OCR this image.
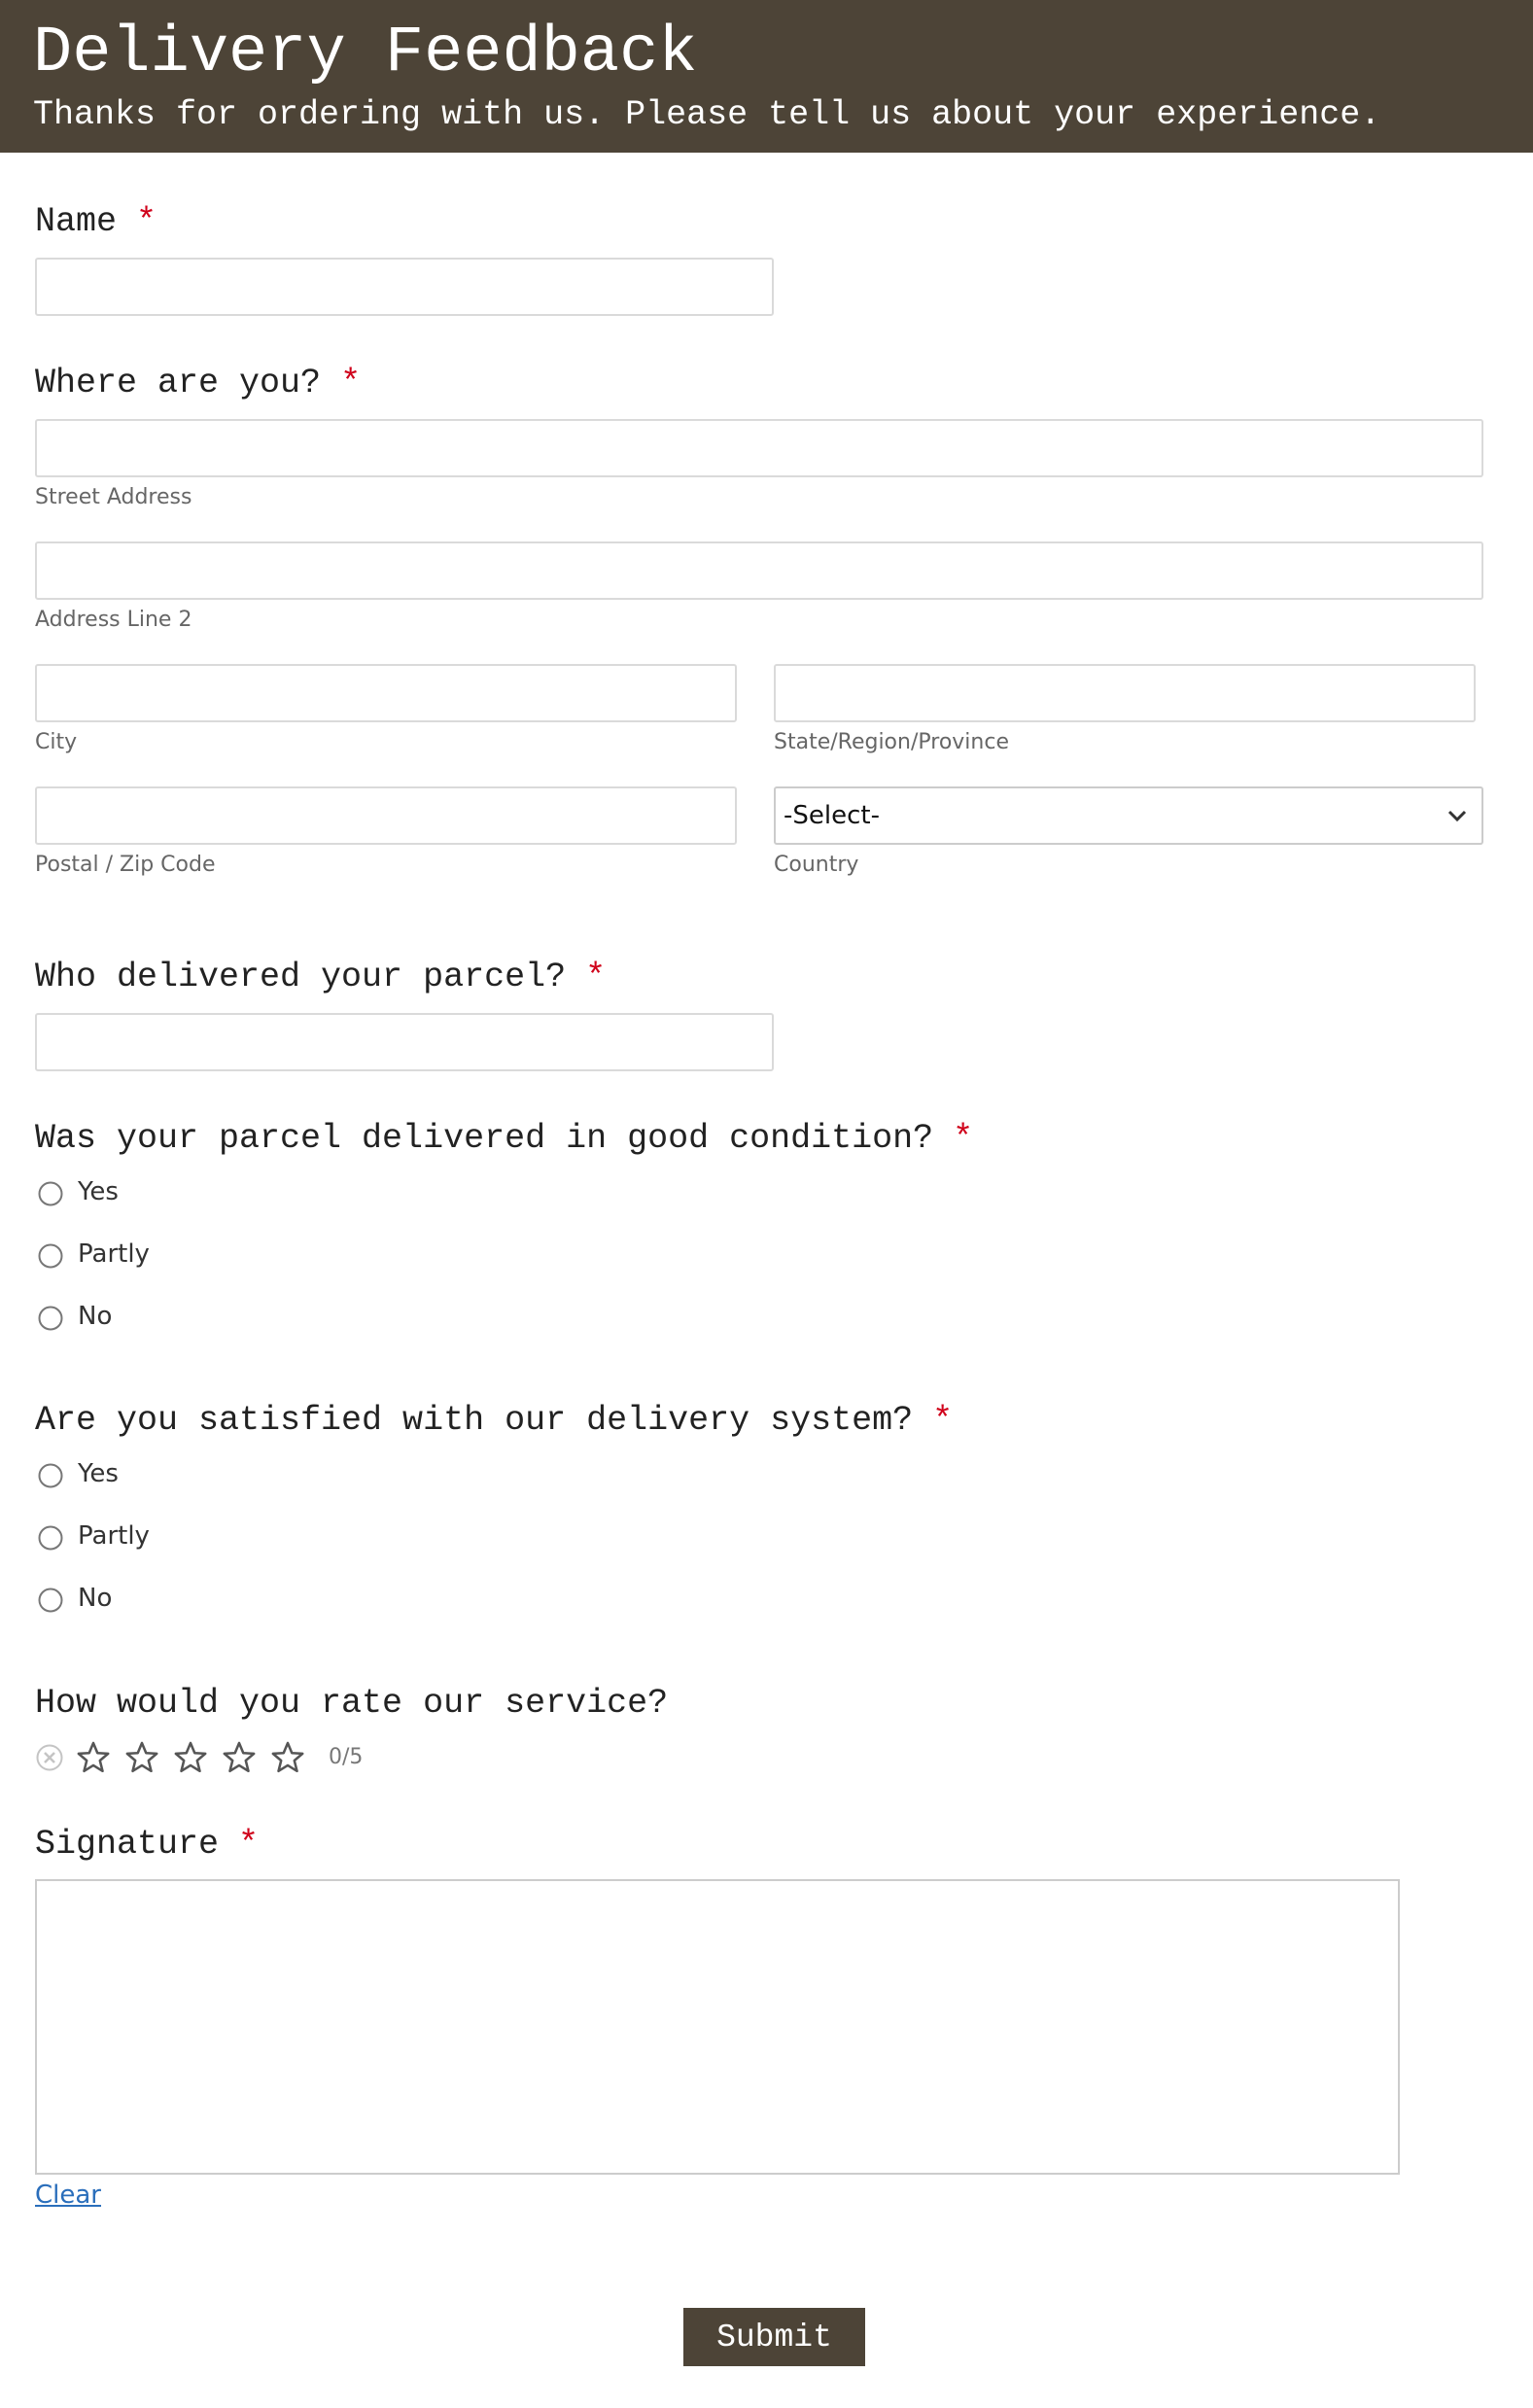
Delivery Feedback
Thanks for ordering with us. Please tell us about your experience.
Name *
Where are you? *
Street Address
Address Line 2
City	State/Region/Province
Postal / Zip Code
-Select-
Country
Who delivered your parcel? *
Was your parcel delivered in good condition? *
Yes
Partly
No
Are you satisfied with our delivery system? *
Yes
Partly
No
How would you rate our service?
0/5
Signature *
Clear
Submit
